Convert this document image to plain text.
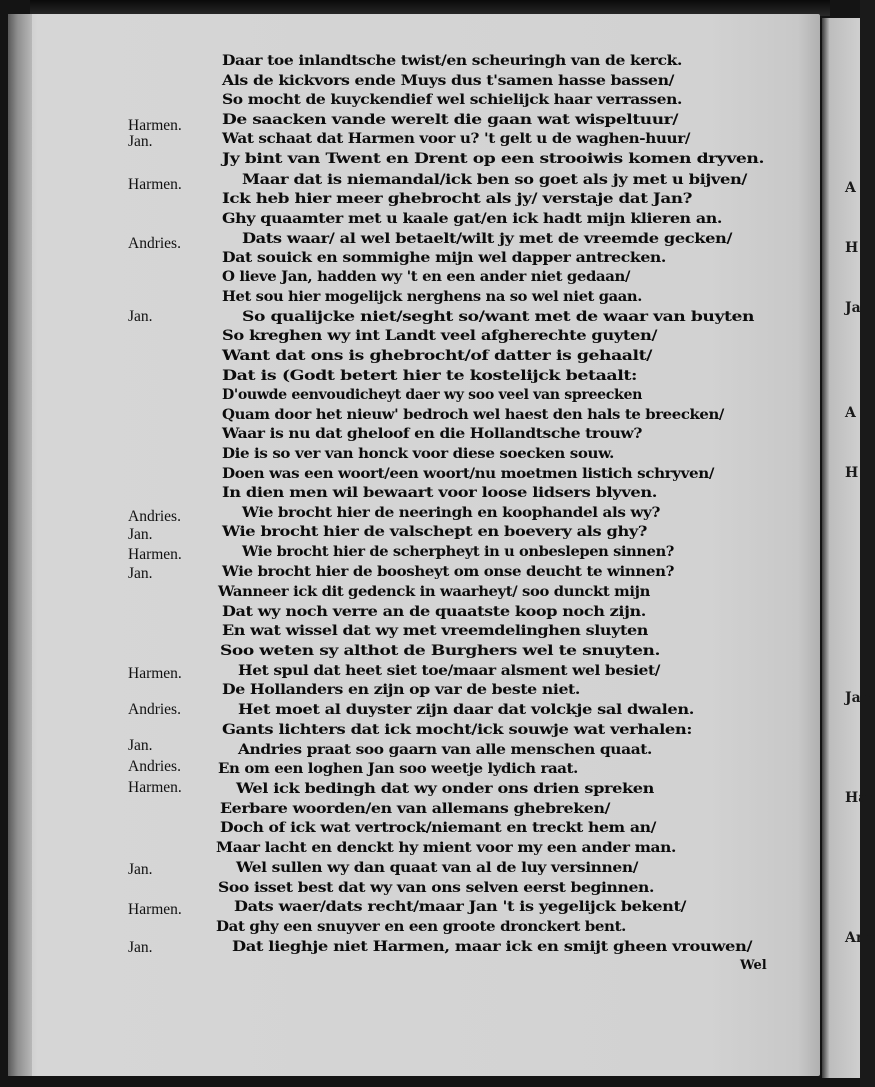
Daar toe inlandtsche twist/en scheuringh van de kerck.
Als de kickvors ende Muys dus t'samen hasse bassen/
So mocht de kuyckendief wel schielijck haar verrassen.
De saacken vande werelt die gaan wat wispeltuur/
Wat schaat dat Harmen voor u? 't gelt u de waghen-huur/
Jy bint van Twent en Drent op een strooiwis komen dryven.
Maar dat is niemandal/ick ben so goet als jy met u bijven/
Ick heb hier meer ghebrocht als jy/ verstaje dat Jan?
Ghy quaamter met u kaale gat/en ick hadt mijn klieren an.
Dats waar/ al wel betaelt/wilt jy met de vreemde gecken/
Dat souick en sommighe mijn wel dapper antrecken.
O lieve Jan, hadden wy 't en een ander niet gedaan/
Het sou hier mogelijck nerghens na so wel niet gaan.
So qualijcke niet/seght so/want met de waar van buyten
So kreghen wy int Landt veel afgherechte guyten/
Want dat ons is ghebrocht/of datter is gehaalt/
Dat is (Godt betert hier te kostelijck betaalt:
D'ouwde eenvoudicheyt daer wy soo veel van spreecken
Quam door het nieuw' bedroch wel haest den hals te breecken/
Waar is nu dat gheloof en die Hollandtsche trouw?
Die is so ver van honck voor diese soecken souw.
Doen was een woort/een woort/nu moetmen listich schryven/
In dien men wil bewaart voor loose lidsers blyven.
Wie brocht hier de neeringh en koophandel als wy?
Wie brocht hier de valschept en boevery als ghy?
Wie brocht hier de scherpheyt in u onbeslepen sinnen?
Wie brocht hier de boosheyt om onse deucht te winnen?
Wanneer ick dit gedenck in waarheyt/ soo dunckt mijn
Dat wy noch verre an de quaatste koop noch zijn.
En wat wissel dat wy met vreemdelinghen sluyten
Soo weten sy althot de Burghers wel te snuyten.
Het spul dat heet siet toe/maar alsment wel besiet/
De Hollanders en zijn op var de beste niet.
Het moet al duyster zijn daar dat volckje sal dwalen.
Gants lichters dat ick mocht/ick souwje wat verhalen:
Andries praat soo gaarn van alle menschen quaat.
En om een loghen Jan soo weetje lydich raat.
Wel ick bedingh dat wy onder ons drien spreken
Eerbare woorden/en van allemans ghebreken/
Doch of ick wat vertrock/niemant en treckt hem an/
Maar lacht en denckt hy mient voor my een ander man.
Wel sullen wy dan quaat van al de luy versinnen/
Soo isset best dat wy van ons selven eerst beginnen.
Dats waer/dats recht/maar Jan 't is yegelijck bekent/
Dat ghy een snuyver en een groote dronckert bent.
Dat lieghje niet Harmen, maar ick en smijt gheen vrouwen/
Harmen.
Jan.
Harmen.
Andries.
Jan.
Andries.
Jan.
Harmen.
Jan.
Harmen.
Andries.
Jan.
Andries.
Harmen.
Jan.
Harmen.
Jan.
A
H
Ja
A
H
Jan
Har
Anc
Wel
